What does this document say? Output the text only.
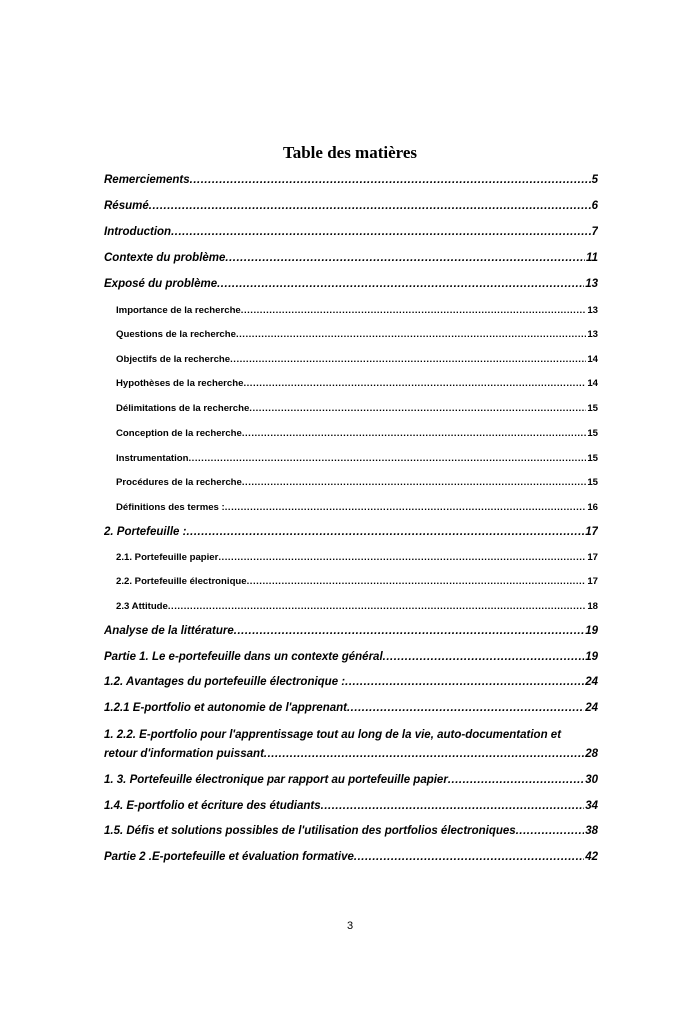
Table des matières
Remerciements .....	5
Résumé .....	6
Introduction .....	7
Contexte du problème .....	11
Exposé du problème .....	13
Importance de la recherche .....	13
Questions de la recherche .....	13
Objectifs de la recherche .....	14
Hypothèses de la recherche .....	14
Délimitations de la recherche .....	15
Conception de la recherche .....	15
Instrumentation .....	15
Procédures de la recherche .....	15
Définitions des termes : .....	16
2. Portefeuille : .....	17
2.1. Portefeuille papier .....	17
2.2. Portefeuille électronique .....	17
2.3 Attitude .....	18
Analyse de la littérature .....	19
Partie 1. Le e-portefeuille dans un contexte général .....	19
1.2. Avantages du portefeuille électronique : .....	24
1.2.1 E-portfolio et autonomie de l'apprenant .....	24
1. 2.2. E-portfolio pour l'apprentissage tout au long de la vie, auto-documentation et
retour d'information puissant .....	28
1. 3. Portefeuille électronique par rapport au portefeuille papier .....	30
1.4. E-portfolio et écriture des étudiants .....	34
1.5. Défis et solutions possibles de l'utilisation des portfolios électroniques .....	38
Partie 2 .E-portefeuille et évaluation formative .....	42
3
